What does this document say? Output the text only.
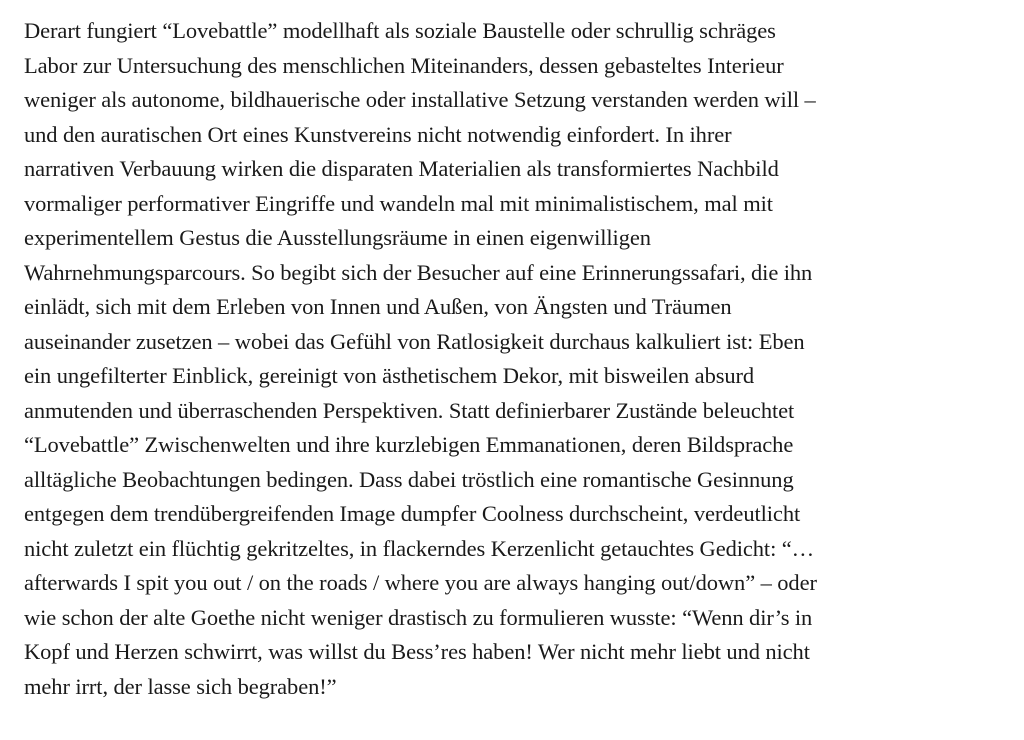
Derart fungiert “Lovebattle” modellhaft als soziale Baustelle oder schrullig schräges
Labor zur Untersuchung des menschlichen Miteinanders, dessen gebasteltes Interieur
weniger als autonome, bildhauerische oder installative Setzung verstanden werden will –
und den auratischen Ort eines Kunstvereins nicht notwendig einfordert. In ihrer
narrativen Verbauung wirken die disparaten Materialien als transformiertes Nachbild
vormaliger performativer Eingriffe und wandeln mal mit minimalistischem, mal mit
experimentellem Gestus die Ausstellungsräume in einen eigenwilligen
Wahrnehmungsparcours. So begibt sich der Besucher auf eine Erinnerungssafari, die ihn
einlädt, sich mit dem Erleben von Innen und Außen, von Ängsten und Träumen
auseinander zusetzen – wobei das Gefühl von Ratlosigkeit durchaus kalkuliert ist: Eben
ein ungefilterter Einblick, gereinigt von ästhetischem Dekor, mit bisweilen absurd
anmutenden und überraschenden Perspektiven. Statt definierbarer Zustände beleuchtet
“Lovebattle” Zwischenwelten und ihre kurzlebigen Emmanationen, deren Bildsprache
alltägliche Beobachtungen bedingen. Dass dabei tröstlich eine romantische Gesinnung
entgegen dem trendübergreifenden Image dumpfer Coolness durchscheint, verdeutlicht
nicht zuletzt ein flüchtig gekritzeltes, in flackerndes Kerzenlicht getauchtes Gedicht: “…
afterwards I spit you out / on the roads / where you are always hanging out/down” – oder
wie schon der alte Goethe nicht weniger drastisch zu formulieren wusste: “Wenn dir’s in
Kopf und Herzen schwirrt, was willst du Bess’res haben! Wer nicht mehr liebt und nicht
mehr irrt, der lasse sich begraben!”
